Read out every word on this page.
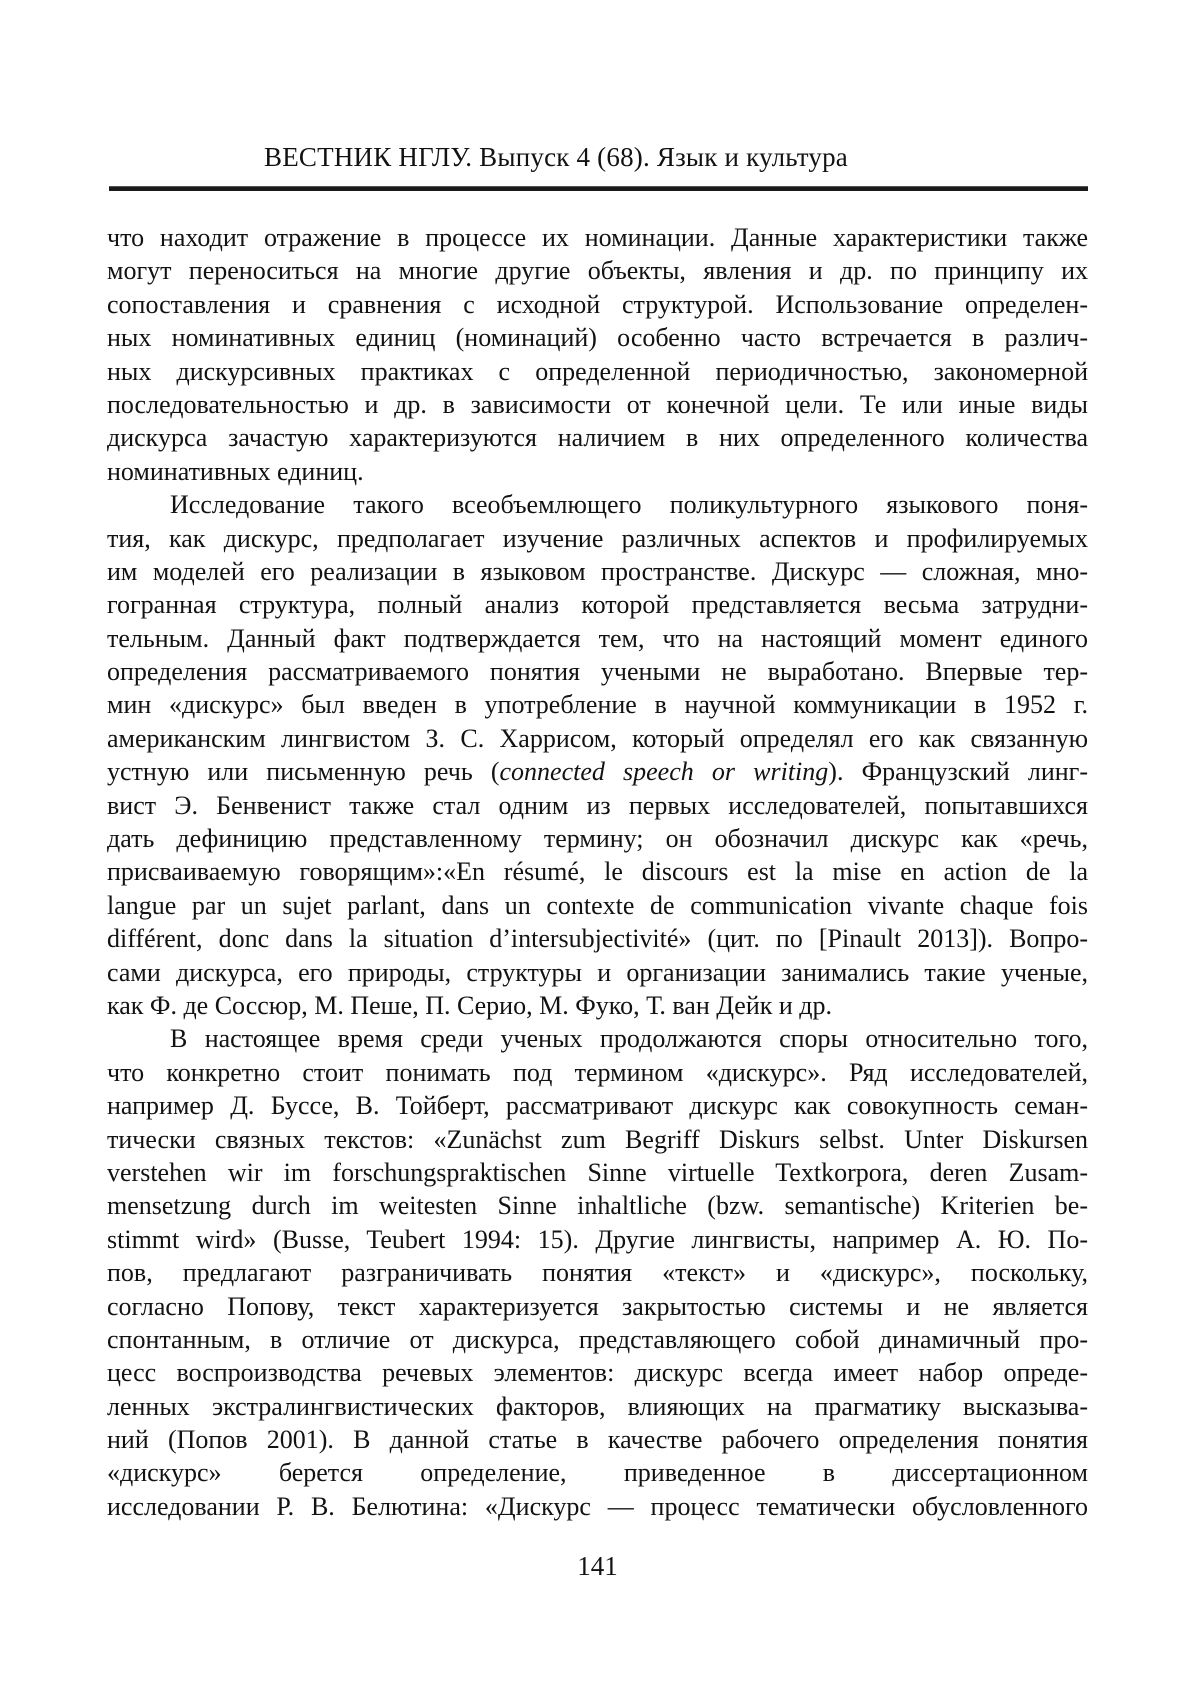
ВЕСТНИК НГЛУ. Выпуск 4 (68). Язык и культура
что находит отражение в процессе их номинации. Данные характеристики также
могут переноситься на многие другие объекты, явления и др. по принципу их
сопоставления и сравнения с исходной структурой. Использование определен-
ных номинативных единиц (номинаций) особенно часто встречается в различ-
ных дискурсивных практиках с определенной периодичностью, закономерной
последовательностью и др. в зависимости от конечной цели. Те или иные виды
дискурса зачастую характеризуются наличием в них определенного количества
номинативных единиц.
Исследование такого всеобъемлющего поликультурного языкового поня-
тия, как дискурс, предполагает изучение различных аспектов и профилируемых
им моделей его реализации в языковом пространстве. Дискурс — сложная, мно-
гогранная структура, полный анализ которой представляется весьма затрудни-
тельным. Данный факт подтверждается тем, что на настоящий момент единого
определения рассматриваемого понятия учеными не выработано. Впервые тер-
мин «дискурс» был введен в употребление в научной коммуникации в 1952 г.
американским лингвистом З. С. Харрисом, который определял его как связанную
устную или письменную речь (connected speech or writing). Французский линг-
вист Э. Бенвенист также стал одним из первых исследователей, попытавшихся
дать дефиницию представленному термину; он обозначил дискурс как «речь,
присваиваемую говорящим»:«En résumé, le discours est la mise en action de la
langue par un sujet parlant, dans un contexte de communication vivante chaque fois
différent, donc dans la situation d’intersubjectivité» (цит. по [Pinault 2013]). Вопро-
сами дискурса, его природы, структуры и организации занимались такие ученые,
как Ф. де Соссюр, М. Пеше, П. Серио, М. Фуко, Т. ван Дейк и др.
В настоящее время среди ученых продолжаются споры относительно того,
что конкретно стоит понимать под термином «дискурс». Ряд исследователей,
например Д. Буссе, В. Тойберт, рассматривают дискурс как совокупность семан-
тически связных текстов: «Zunächst zum Begriff Diskurs selbst. Unter Diskursen
verstehen wir im forschungspraktischen Sinne virtuelle Textkorpora, deren Zusam-
mensetzung durch im weitesten Sinne inhaltliche (bzw. semantische) Kriterien be-
stimmt wird» (Busse, Teubert 1994: 15). Другие лингвисты, например А. Ю. По-
пов, предлагают разграничивать понятия «текст» и «дискурс», поскольку,
согласно Попову, текст характеризуется закрытостью системы и не является
спонтанным, в отличие от дискурса, представляющего собой динамичный про-
цесс воспроизводства речевых элементов: дискурс всегда имеет набор опреде-
ленных экстралингвистических факторов, влияющих на прагматику высказыва-
ний (Попов 2001). В данной статье в качестве рабочего определения понятия
«дискурс» берется определение, приведенное в диссертационном
исследовании Р. В. Белютина: «Дискурс — процесс тематически обусловленного
141
